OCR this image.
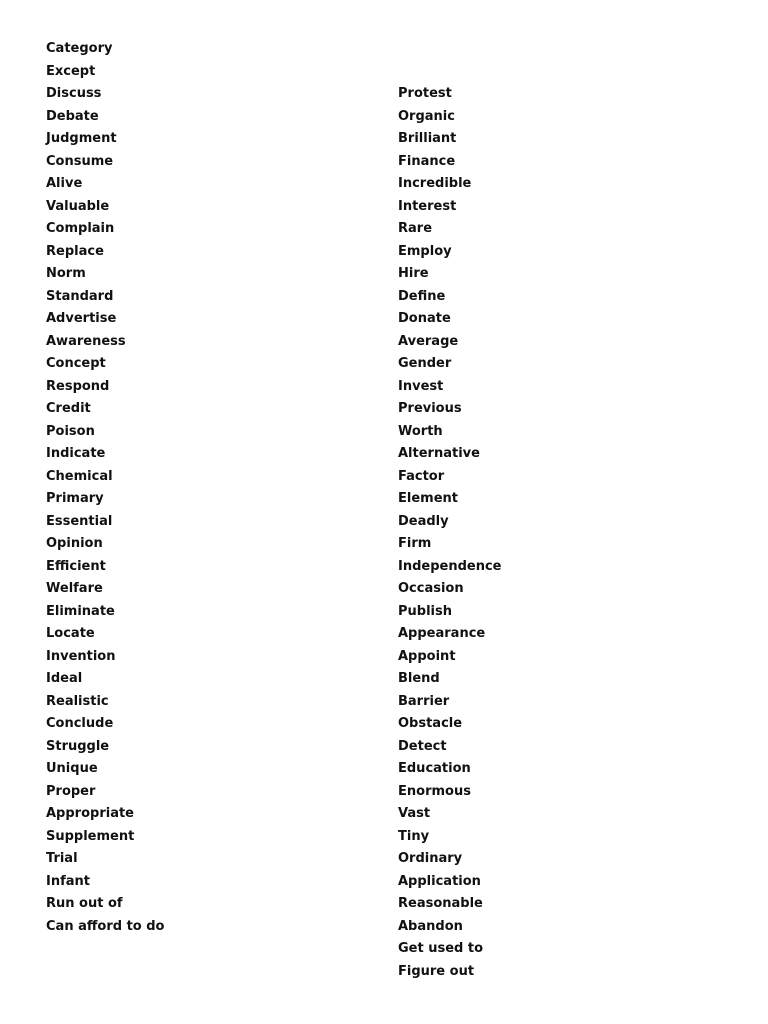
Category
Except
Discuss
Debate
Judgment
Consume
Alive
Valuable
Complain
Replace
Norm
Standard
Advertise
Awareness
Concept
Respond
Credit
Poison
Indicate
Chemical
Primary
Essential
Opinion
Efficient
Welfare
Eliminate
Locate
Invention
Ideal
Realistic
Conclude
Struggle
Unique
Proper
Appropriate
Supplement
Trial
Infant
Run out of
Can afford to do
Protest
Organic
Brilliant
Finance
Incredible
Interest
Rare
Employ
Hire
Define
Donate
Average
Gender
Invest
Previous
Worth
Alternative
Factor
Element
Deadly
Firm
Independence
Occasion
Publish
Appearance
Appoint
Blend
Barrier
Obstacle
Detect
Education
Enormous
Vast
Tiny
Ordinary
Application
Reasonable
Abandon
Get used to
Figure out
